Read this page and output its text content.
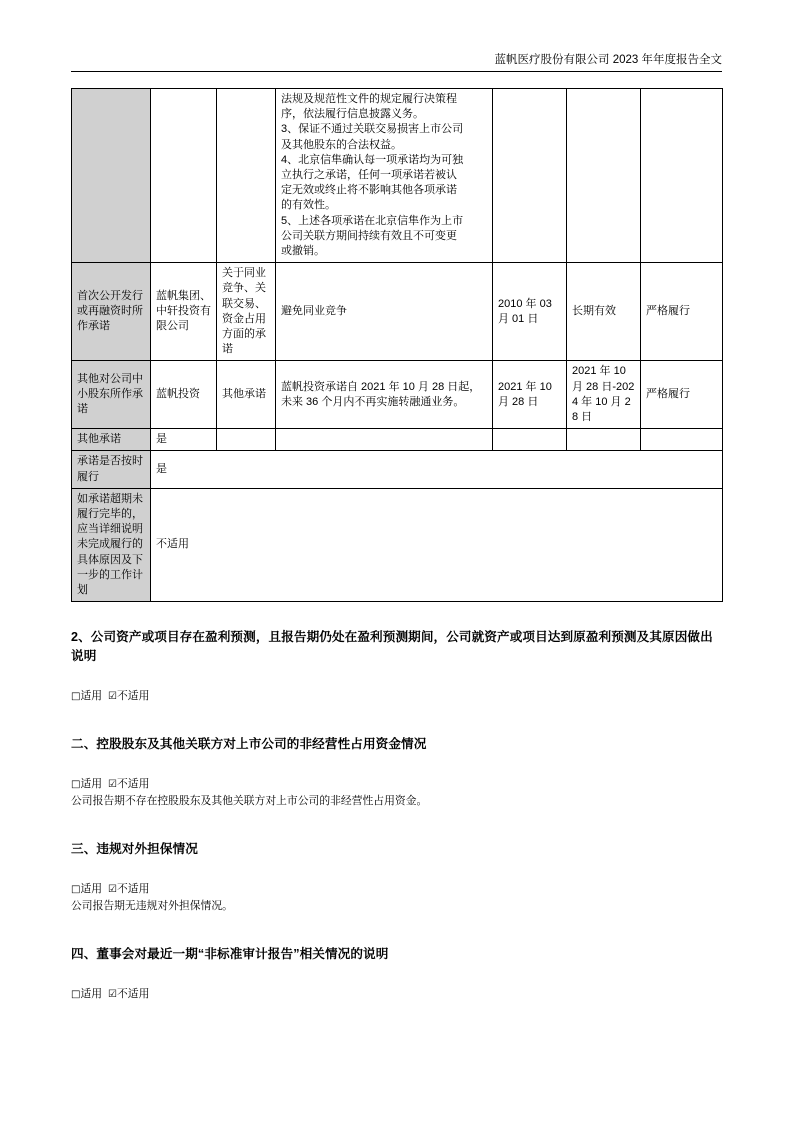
蓝帆医疗股份有限公司 2023 年年度报告全文

法规及规范性文件的规定履行决策程

序，依法履行信息披露义务。

3、保证不通过关联交易损害上市公司

及其他股东的合法权益。

4、北京信隼确认每一项承诺均为可独

立执行之承诺，任何一项承诺若被认

定无效或终止将不影响其他各项承诺

的有效性。

5、上述各项承诺在北京信隼作为上市

公司关联方期间持续有效且不可变更

或撤销。

首次公开发行或再融资时所作承诺	蓝帆集团、中轩投资有限公司	关于同业竞争、关联交易、资金占用方面的承诺	避免同业竞争	2010 年 03 月 01 日	长期有效	严格履行
其他对公司中小股东所作承诺	蓝帆投资	其他承诺	蓝帆投资承诺自 2021 年 10 月 28 日起，未来 36 个月内不再实施转融通业务。	2021 年 10 月 28 日	2021 年 10 月 28 日-2024 年 10 月 28 日	严格履行
其他承诺	是					
承诺是否按时履行	是					
如承诺超期未履行完毕的，应当详细说明未完成履行的具体原因及下一步的工作计划	不适用					
2、公司资产或项目存在盈利预测，且报告期仍处在盈利预测期间，公司就资产或项目达到原盈利预测及其原因做出说明
□适用 ☑不适用
二、控股股东及其他关联方对上市公司的非经营性占用资金情况
□适用 ☑不适用
公司报告期不存在控股股东及其他关联方对上市公司的非经营性占用资金。
三、违规对外担保情况
□适用 ☑不适用
公司报告期无违规对外担保情况。
四、董事会对最近一期“非标准审计报告”相关情况的说明
□适用 ☑不适用
